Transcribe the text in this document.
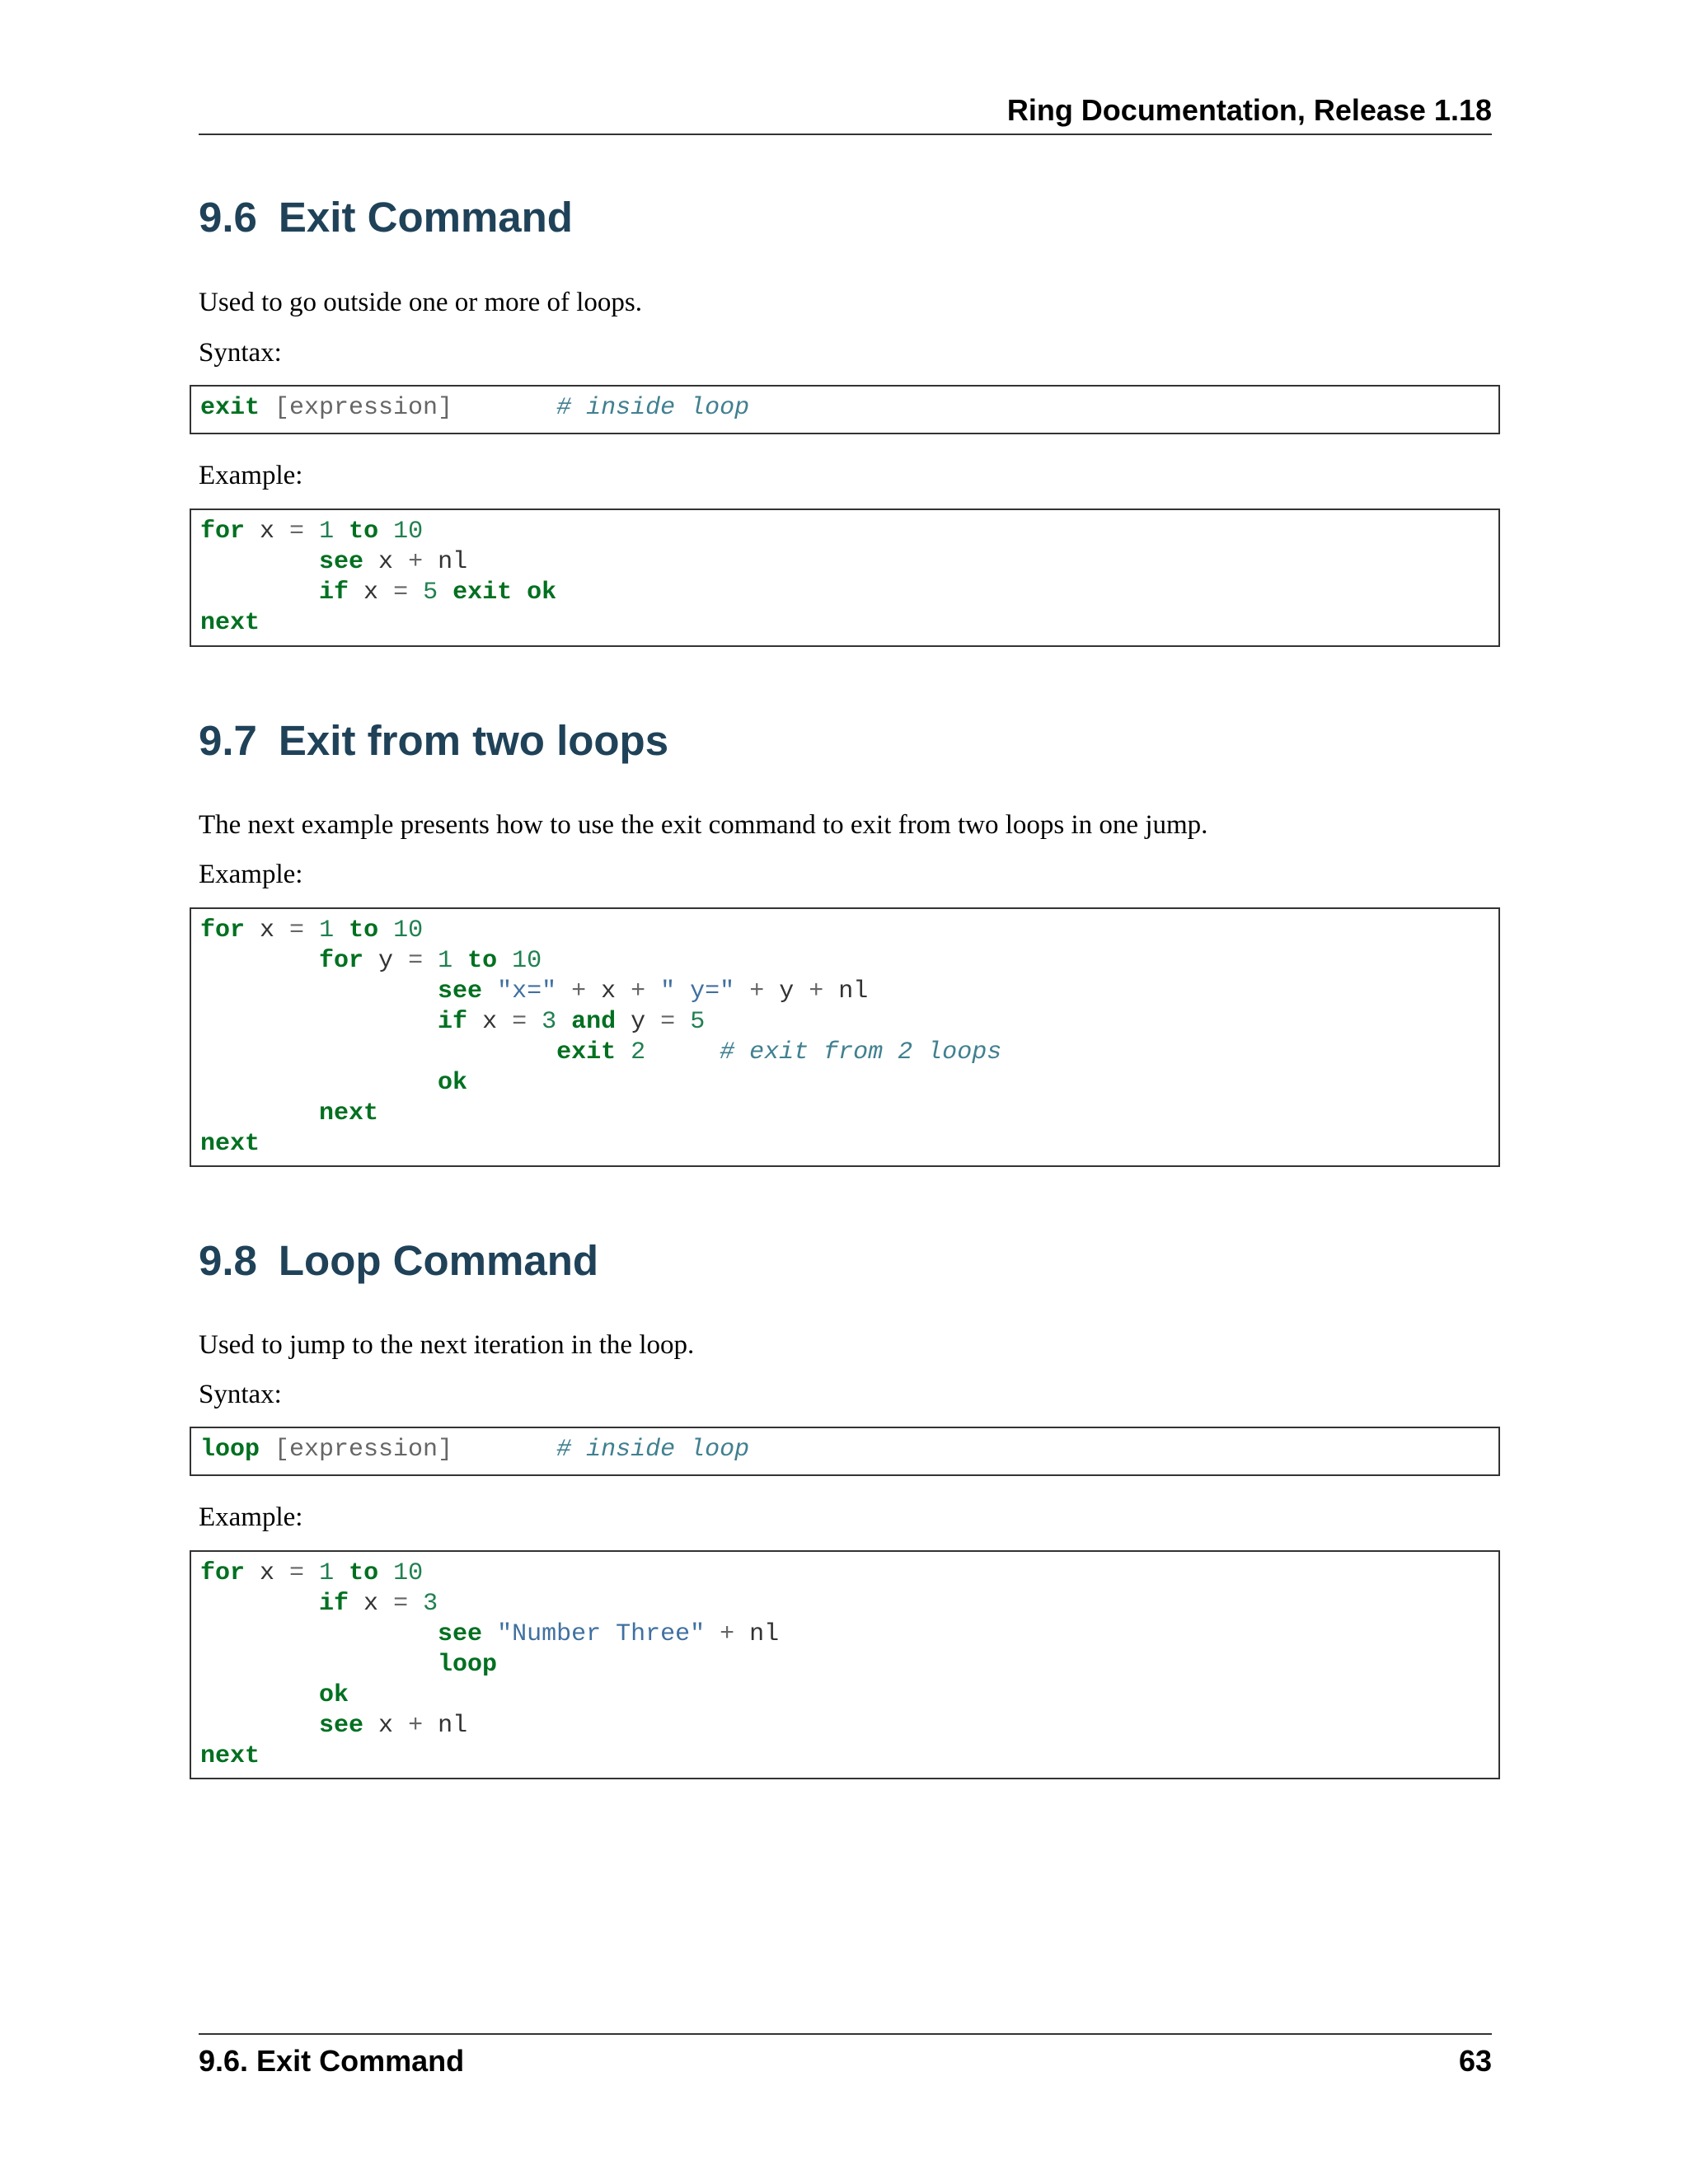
Ring Documentation, Release 1.18
9.6 Exit Command

Used to go outside one or more of loops.

Syntax:

exit [expression]	# inside loop

Example:

for x = 1 to 10
see x + nl
if x = 5 exit ok
next
9.7 Exit from two loops

The next example presents how to use the exit command to exit from two loops in one jump.

Example:

for x = 1 to 10
for y = 1 to 10
see "x=" + x + " y=" + y + nl
if x = 3 and y = 5
exit 2	# exit from 2 loops
ok
next
next
9.8 Loop Command

Used to jump to the next iteration in the loop.

Syntax:

loop [expression]	# inside loop

Example:

for x = 1 to 10
if x = 3
see "Number Three" + nl
loop
ok
see x + nl
next
9.6. Exit Command	63
